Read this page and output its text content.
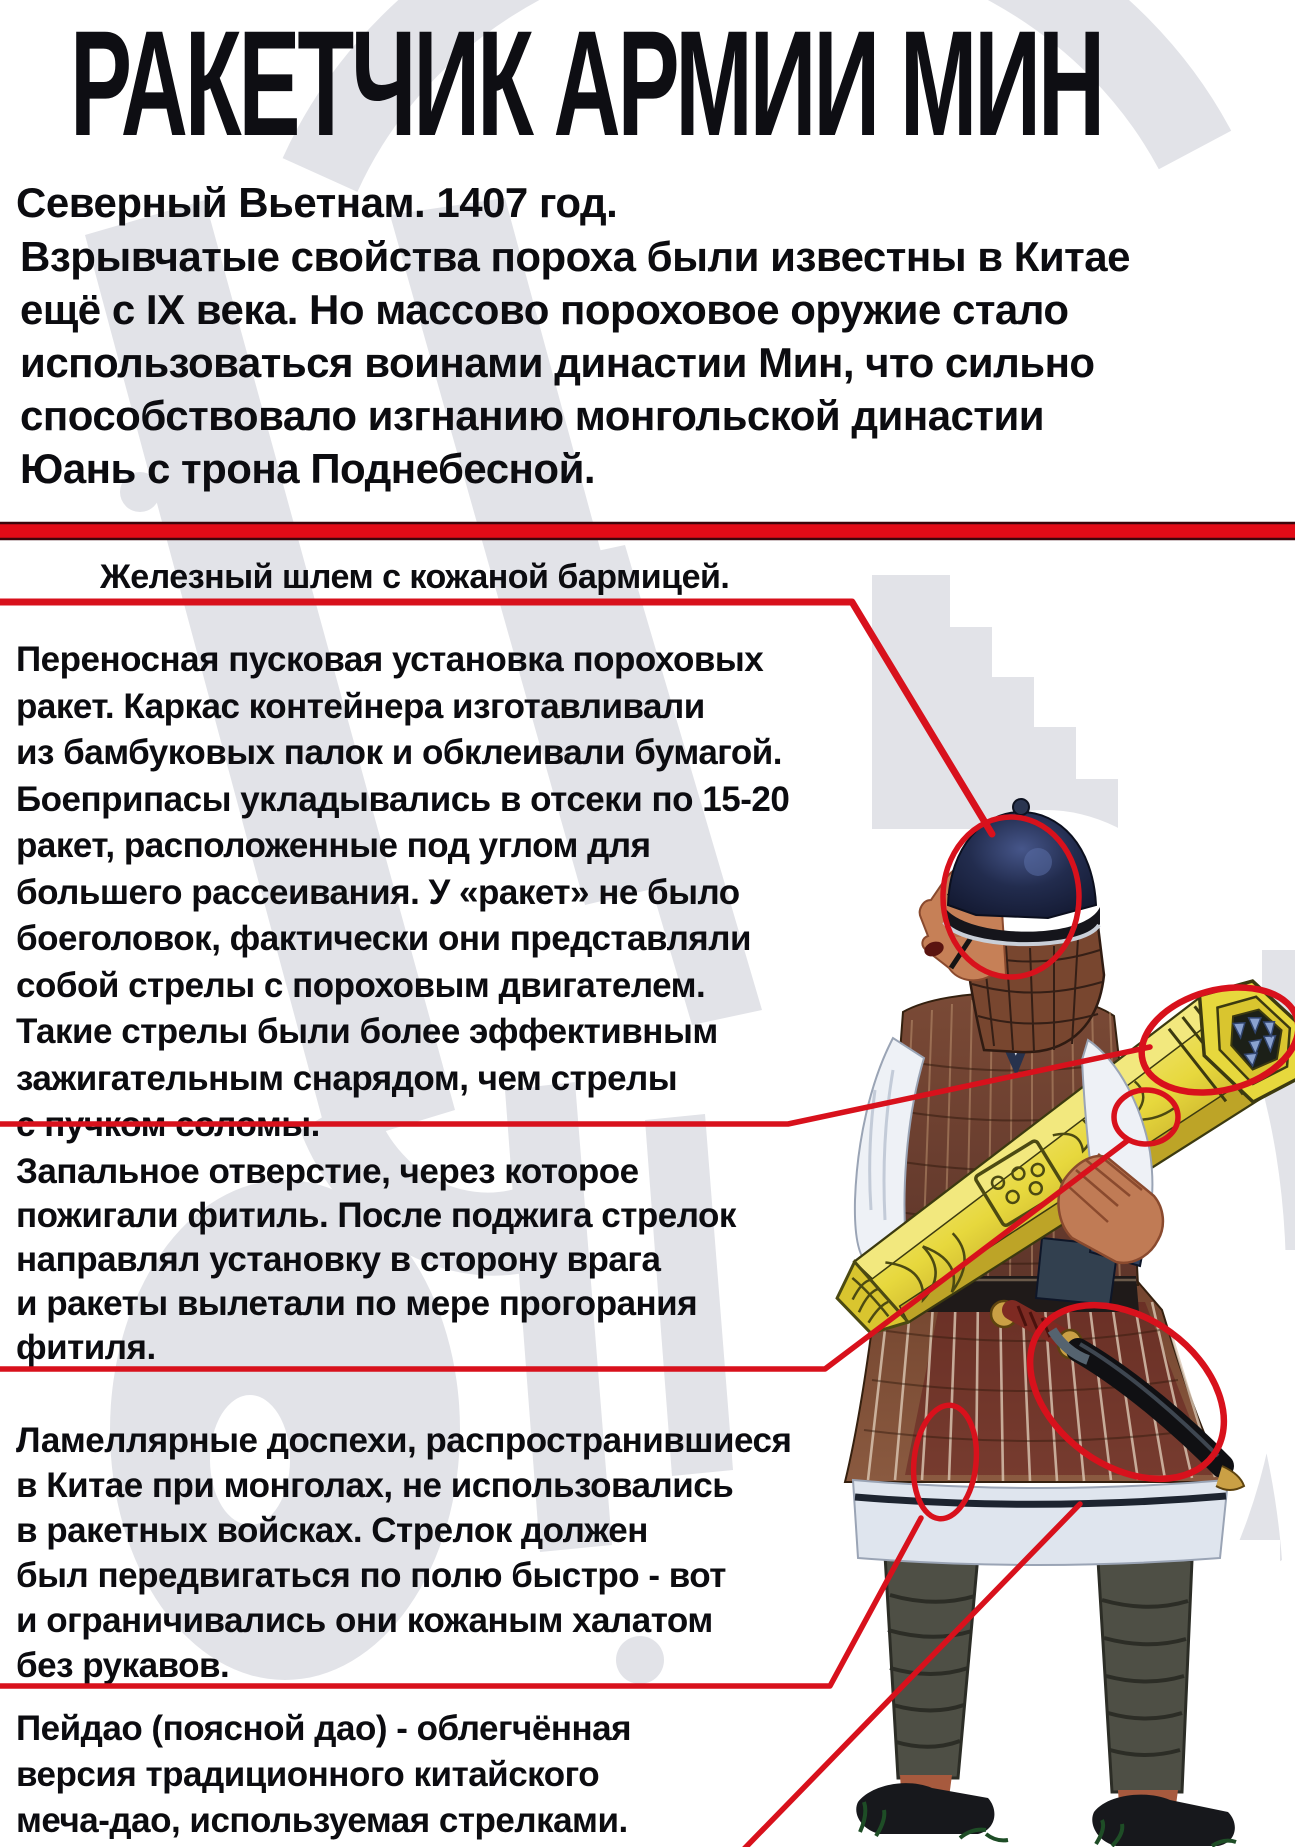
РАКЕТЧИК АРМИИ МИН
Северный Вьетнам. 1407 год.
Взрывчатые свойства пороха были известны в Китае
ещё с IX века. Но массово пороховое оружие стало
использоваться воинами династии Мин, что сильно
способствовало изгнанию монгольской династии
Юань с трона Поднебесной.
Железный шлем с кожаной бармицей.
Переносная пусковая установка пороховых
ракет. Каркас контейнера изготавливали
из бамбуковых палок и обклеивали бумагой.
Боеприпасы укладывались в отсеки по 15-20
ракет, расположенные под углом для
большего рассеивания. У «ракет» не было
боеголовок, фактически они представляли
собой стрелы с пороховым двигателем.
Такие стрелы были более эффективным
зажигательным снарядом, чем стрелы
с пучком соломы.
Запальное отверстие, через которое
пожигали фитиль. После поджига стрелок
направлял установку в сторону врага
и ракеты вылетали по мере прогорания
фитиля.
Ламеллярные доспехи, распространившиеся
в Китае при монголах, не использовались
в ракетных войсках. Стрелок должен
был передвигаться по полю быстро - вот
и ограничивались они кожаным халатом
без рукавов.
Пейдао (поясной дао) - облегчённая
версия традиционного китайского
меча-дао, используемая стрелками.
